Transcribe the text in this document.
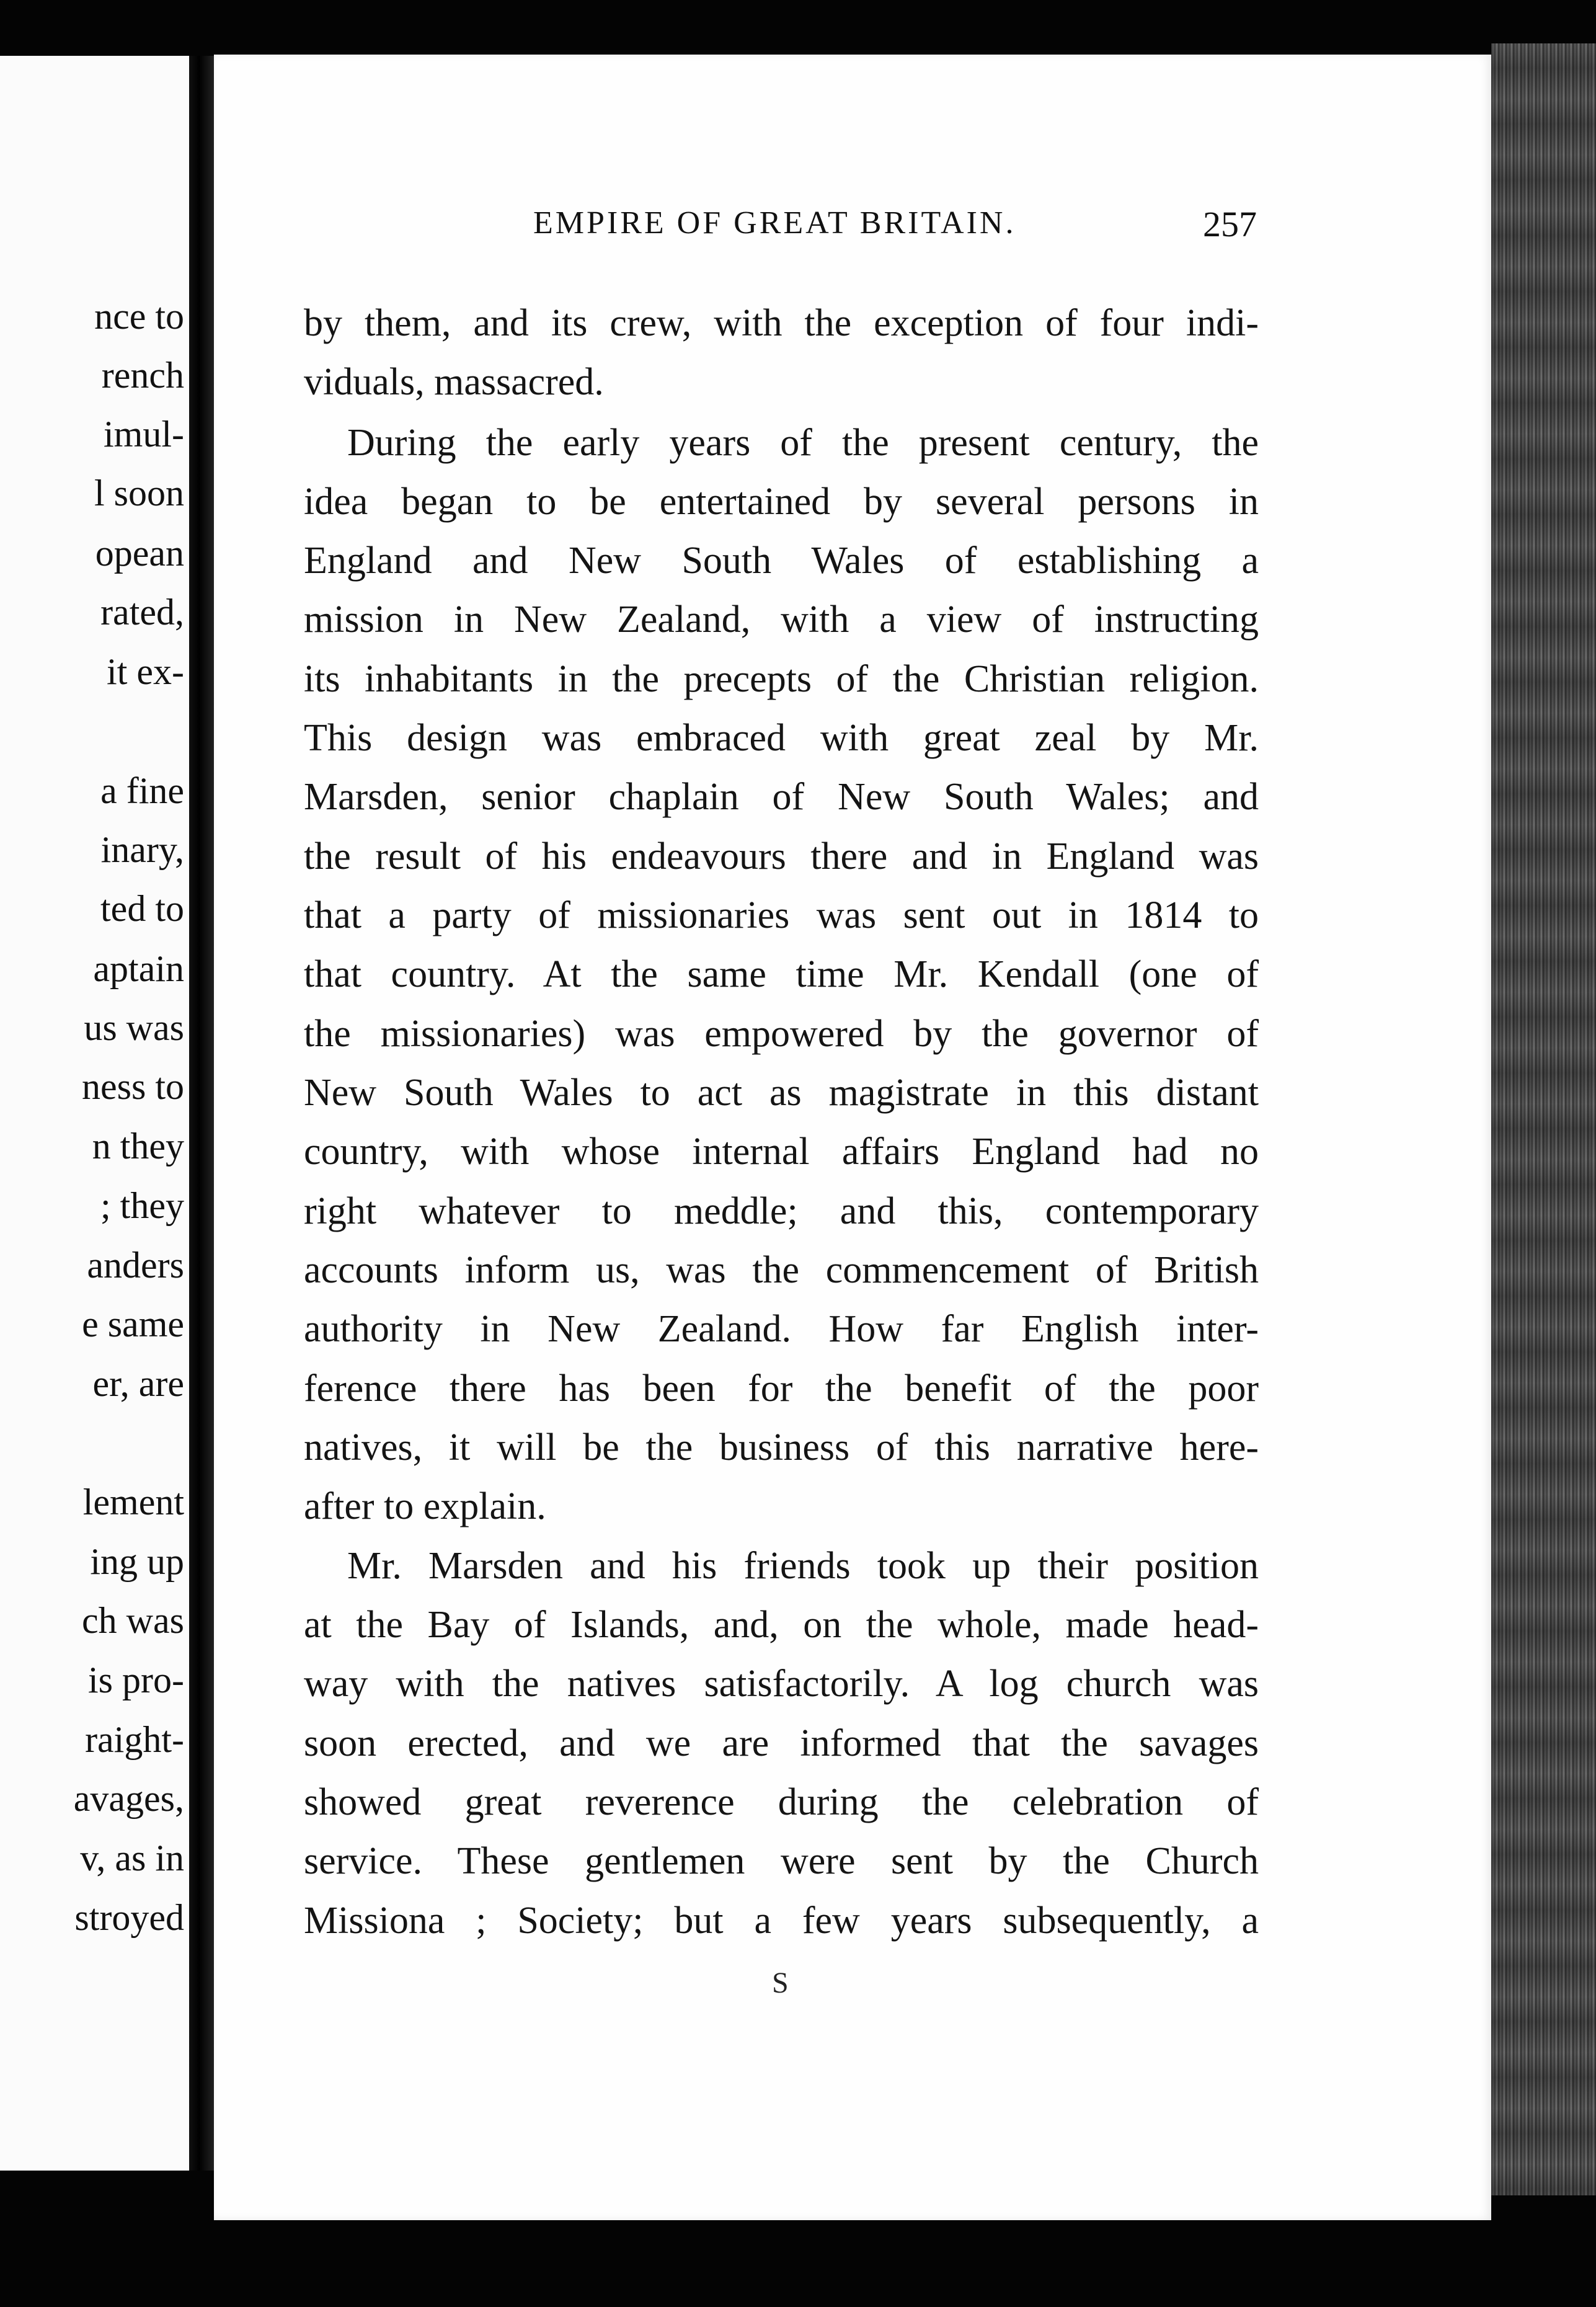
nce to

rench

imul-

l soon

opean

rated,

it ex-

a fine

inary,

ted to

aptain

us was

ness to

n they

; they

anders

e same

er, are

lement

ing up

ch was

is pro-

raight-

avages,

v, as in

stroyed

EMPIRE OF GREAT BRITAIN.	257

by them, and its crew, with the exception of four indi-

viduals, massacred.

During the early years of the present century, the

idea began to be entertained by several persons in

England and New South Wales of establishing a

mission in New Zealand, with a view of instructing

its inhabitants in the precepts of the Christian religion.

This design was embraced with great zeal by Mr.

Marsden, senior chaplain of New South Wales; and

the result of his endeavours there and in England was

that a party of missionaries was sent out in 1814 to

that country. At the same time Mr. Kendall (one of

the missionaries) was empowered by the governor of

New South Wales to act as magistrate in this distant

country, with whose internal affairs England had no

right whatever to meddle; and this, contemporary

accounts inform us, was the commencement of British

authority in New Zealand. How far English inter-

ference there has been for the benefit of the poor

natives, it will be the business of this narrative here-

after to explain.

Mr. Marsden and his friends took up their position

at the Bay of Islands, and, on the whole, made head-

way with the natives satisfactorily. A log church was

soon erected, and we are informed that the savages

showed great reverence during the celebration of

service. These gentlemen were sent by the Church

Missiona ; Society; but a few years subsequently, a

S
